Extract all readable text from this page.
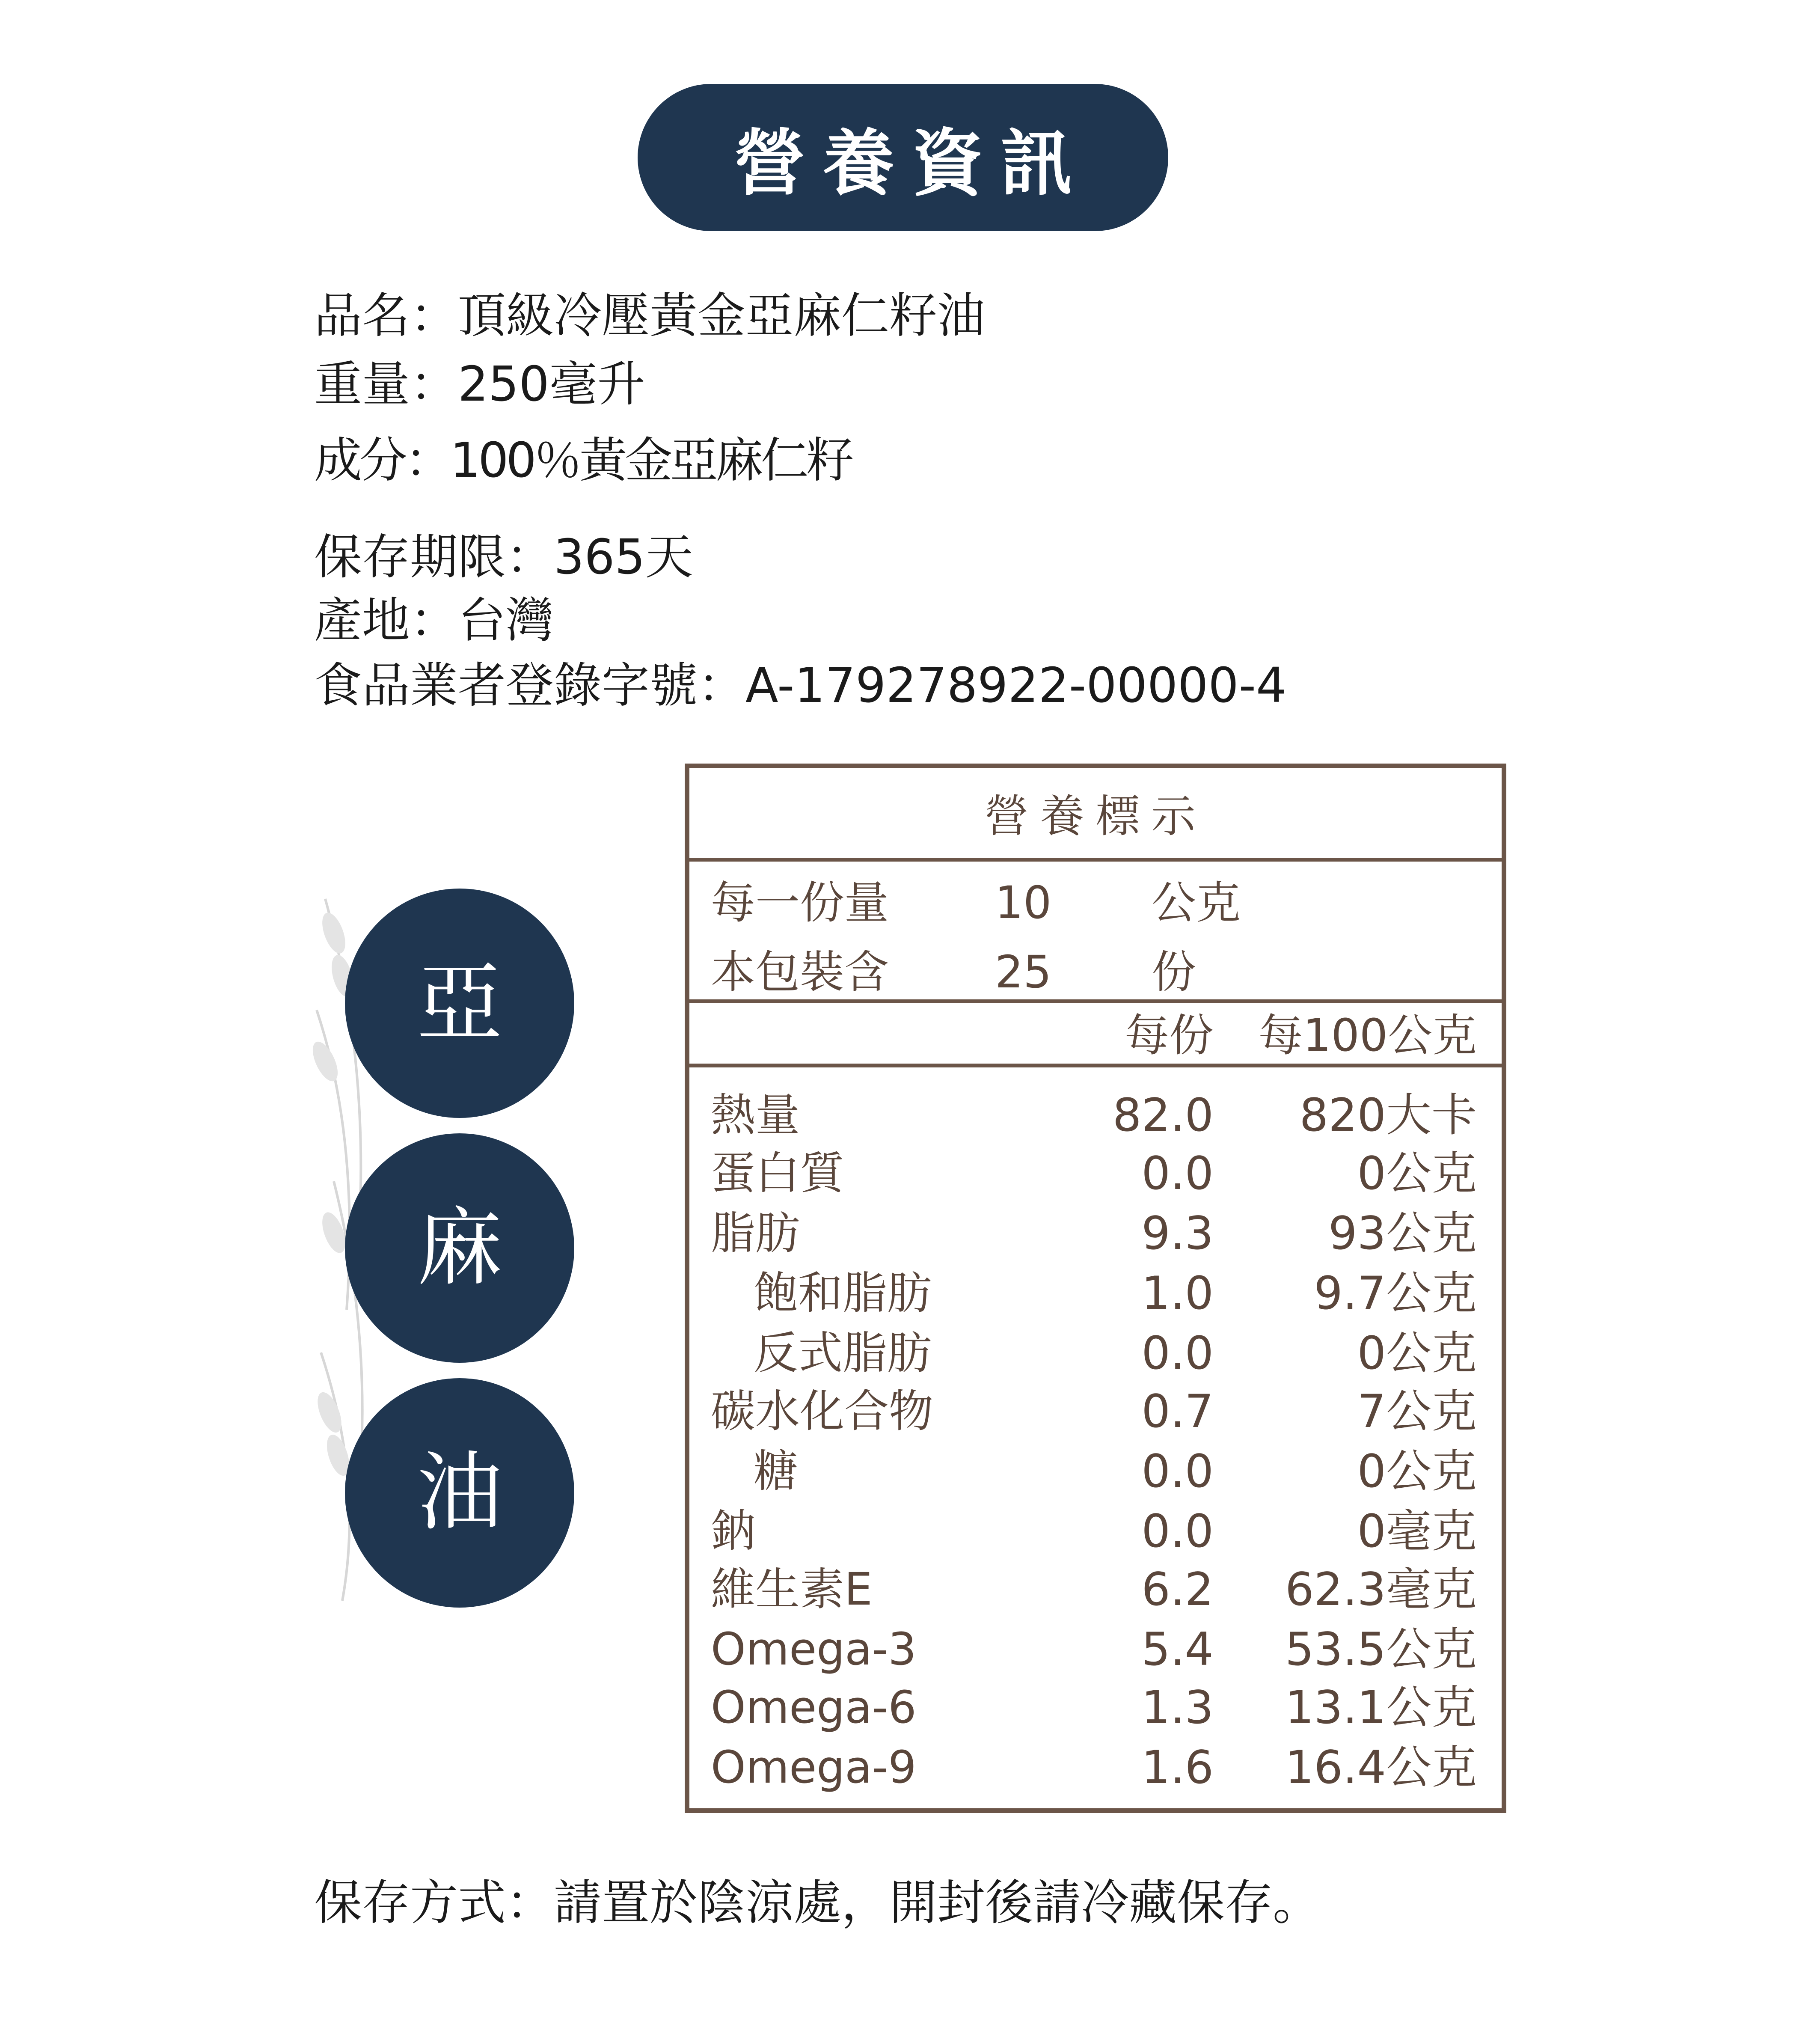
營養資訊
品名：頂級冷壓黃金亞麻仁籽油
重量：250毫升
成分：100％黃金亞麻仁籽
保存期限：365天
產地：台灣
食品業者登錄字號：A-179278922-00000-4
亞
麻
油
營養標示
每一份量 10 公克
本包裝含 25 份
每份	每100公克
熱量	82.0	820大卡
蛋白質	0.0	0公克
脂肪	9.3	93公克
飽和脂肪	1.0	9.7公克
反式脂肪	0.0	0公克
碳水化合物	0.7	7公克
糖	0.0	0公克
鈉	0.0	0毫克
維生素E	6.2	62.3毫克
Omega-3	5.4	53.5公克
Omega-6	1.3	13.1公克
Omega-9	1.6	16.4公克
保存方式：請置於陰涼處，開封後請冷藏保存。
